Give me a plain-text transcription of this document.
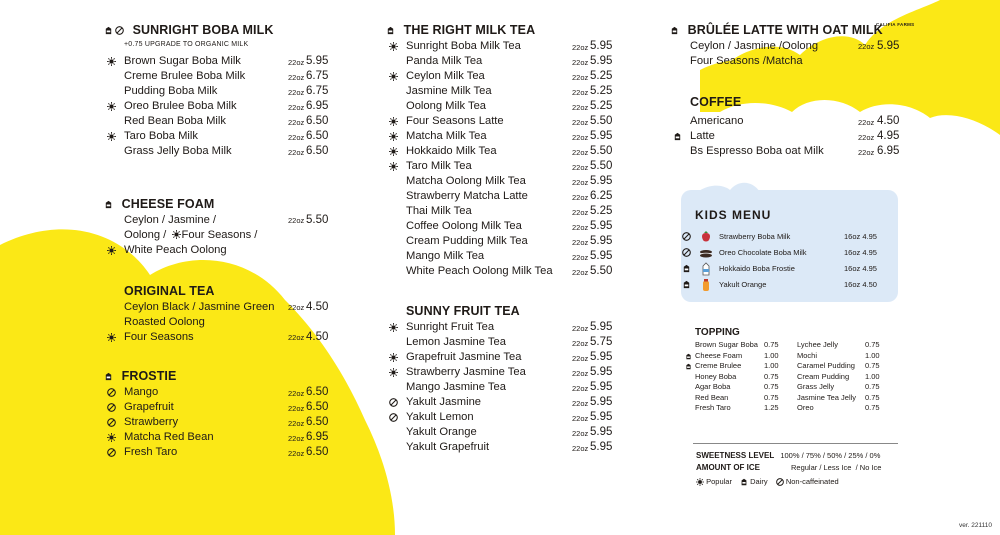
SUNRIGHT BOBA MILK
+0.75 UPGRADE TO ORGANIC MILK
Brown Sugar Boba Milk	22oz 5.95
Creme Brulee Boba Milk	22oz 6.75
Pudding Boba Milk	22oz 6.75
Oreo Brulee Boba Milk	22oz 6.95
Red Bean Boba Milk	22oz 6.50
Taro Boba Milk	22oz 6.50
Grass Jelly Boba Milk	22oz 6.50
CHEESE FOAM
Ceylon / Jasmine /	22oz 5.50
Oolong / Four Seasons /
White Peach Oolong
ORIGINAL TEA
Ceylon Black / Jasmine Green 22oz 4.50
Roasted Oolong
Four Seasons	22oz 4.50
FROSTIE
Mango	22oz 6.50
Grapefruit	22oz 6.50
Strawberry	22oz 6.50
Matcha Red Bean	22oz 6.95
Fresh Taro	22oz 6.50
THE RIGHT MILK TEA
Sunright Boba Milk Tea	22oz 5.95
Panda Milk Tea	22oz 5.95
Ceylon Milk Tea	22oz 5.25
Jasmine Milk Tea	22oz 5.25
Oolong Milk Tea	22oz 5.25
Four Seasons Latte	22oz 5.50
Matcha Milk Tea	22oz 5.95
Hokkaido Milk Tea	22oz 5.50
Taro Milk Tea	22oz 5.50
Matcha Oolong Milk Tea	22oz 5.95
Strawberry Matcha Latte	22oz 6.25
Thai Milk Tea	22oz 5.25
Coffee Oolong Milk Tea	22oz 5.95
Cream Pudding Milk Tea	22oz 5.95
Mango Milk Tea	22oz 5.95
White Peach Oolong Milk Tea	22oz 5.50
SUNNY FRUIT TEA
Sunright Fruit Tea	22oz 5.95
Lemon Jasmine Tea	22oz 5.75
Grapefruit Jasmine Tea	22oz 5.95
Strawberry Jasmine Tea	22oz 5.95
Mango Jasmine Tea	22oz 5.95
Yakult Jasmine	22oz 5.95
Yakult Lemon	22oz 5.95
Yakult Orange	22oz 5.95
Yakult Grapefruit	22oz 5.95
CALIFIA FARMS
BRÛLÉE LATTE WITH OAT MILK
Ceylon / Jasmine /Oolong	22oz 5.95
Four Seasons /Matcha
COFFEE
Americano	22oz 4.50
Latte	22oz 4.95
Bs Espresso Boba oat Milk	22oz 6.95
KIDS MENU
Strawberry Boba Milk	16oz 4.95
Oreo Chocolate Boba Milk	16oz 4.95
Hokkaido Boba Frostie	16oz 4.95
Yakult Orange	16oz 4.50
TOPPING
Brown Sugar Boba 0.75
Cheese Foam	1.00
Creme Brulee	1.00
Honey Boba	0.75
Agar Boba	0.75
Red Bean	0.75
Fresh Taro	1.25
Lychee Jelly	0.75
Mochi	1.00
Caramel Pudding 0.75
Cream Pudding 1.00
Grass Jelly	0.75
Jasmine Tea Jelly 0.75
Oreo	0.75
SWEETNESS LEVEL 100% / 75% / 50% / 25% / 0%
AMOUNT OF ICE	Regular / Less Ice  / No Ice
Popular Dairy Non-caffeinated
ver. 221110
